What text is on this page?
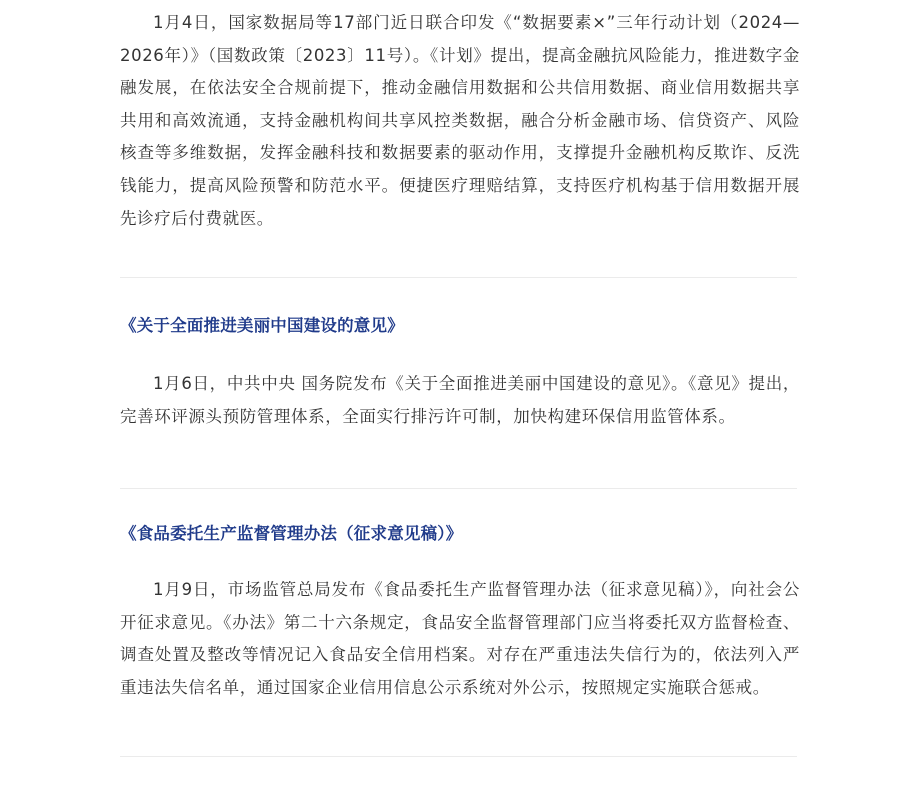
1月4日，国家数据局等17部门近日联合印发《“数据要素×”三年行动计划（2024—2026年）》（国数政策〔2023〕11号）。《计划》提出，提高金融抗风险能力，推进数字金融发展，在依法安全合规前提下，推动金融信用数据和公共信用数据、商业信用数据共享共用和高效流通，支持金融机构间共享风控类数据，融合分析金融市场、信贷资产、风险核查等多维数据，发挥金融科技和数据要素的驱动作用，支撑提升金融机构反欺诈、反洗钱能力，提高风险预警和防范水平。便捷医疗理赔结算，支持医疗机构基于信用数据开展先诊疗后付费就医。

《关于全面推进美丽中国建设的意见》

1月6日，中共中央 国务院发布《关于全面推进美丽中国建设的意见》。《意见》提出，完善环评源头预防管理体系，全面实行排污许可制，加快构建环保信用监管体系。

《食品委托生产监督管理办法（征求意见稿）》

1月9日，市场监管总局发布《食品委托生产监督管理办法（征求意见稿）》，向社会公开征求意见。《办法》第二十六条规定，食品安全监督管理部门应当将委托双方监督检查、调查处置及整改等情况记入食品安全信用档案。对存在严重违法失信行为的，依法列入严重违法失信名单，通过国家企业信用信息公示系统对外公示，按照规定实施联合惩戒。
